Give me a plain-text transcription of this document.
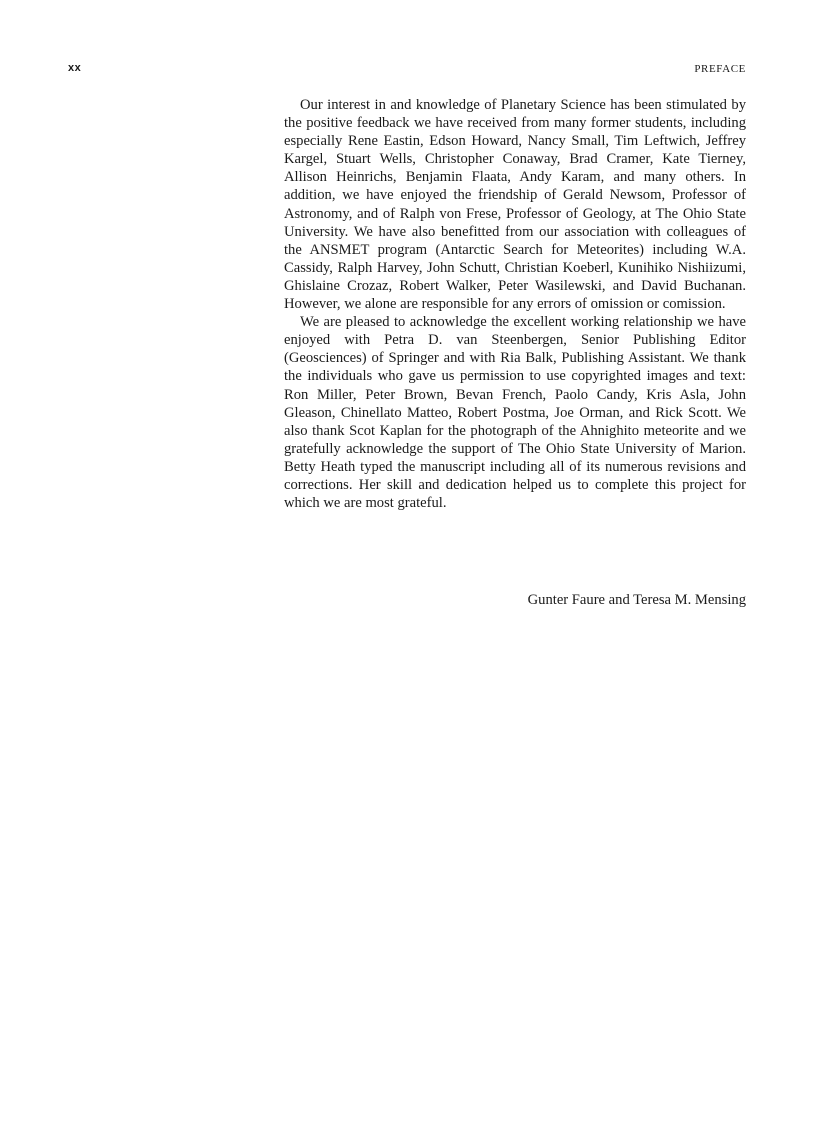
xx	PREFACE

Our interest in and knowledge of Planetary Science has been stimulated by the positive feedback we have received from many former students, including especially Rene Eastin, Edson Howard, Nancy Small, Tim Leftwich, Jeffrey Kargel, Stuart Wells, Christopher Conaway, Brad Cramer, Kate Tierney, Allison Heinrichs, Benjamin Flaata, Andy Karam, and many others. In addition, we have enjoyed the friendship of Gerald Newsom, Professor of Astronomy, and of Ralph von Frese, Professor of Geology, at The Ohio State University. We have also benefitted from our association with colleagues of the ANSMET program (Antarctic Search for Meteorites) including W.A. Cassidy, Ralph Harvey, John Schutt, Christian Koeberl, Kunihiko Nishiizumi, Ghislaine Crozaz, Robert Walker, Peter Wasilewski, and David Buchanan. However, we alone are responsible for any errors of omission or comission.

We are pleased to acknowledge the excellent working relationship we have enjoyed with Petra D. van Steenbergen, Senior Publishing Editor (Geosciences) of Springer and with Ria Balk, Publishing Assistant. We thank the individuals who gave us permission to use copyrighted images and text: Ron Miller, Peter Brown, Bevan French, Paolo Candy, Kris Asla, John Gleason, Chinellato Matteo, Robert Postma, Joe Orman, and Rick Scott. We also thank Scot Kaplan for the photograph of the Ahnighito meteorite and we gratefully acknowledge the support of The Ohio State University of Marion. Betty Heath typed the manuscript including all of its numerous revisions and corrections. Her skill and dedication helped us to complete this project for which we are most grateful.

Gunter Faure and Teresa M. Mensing
